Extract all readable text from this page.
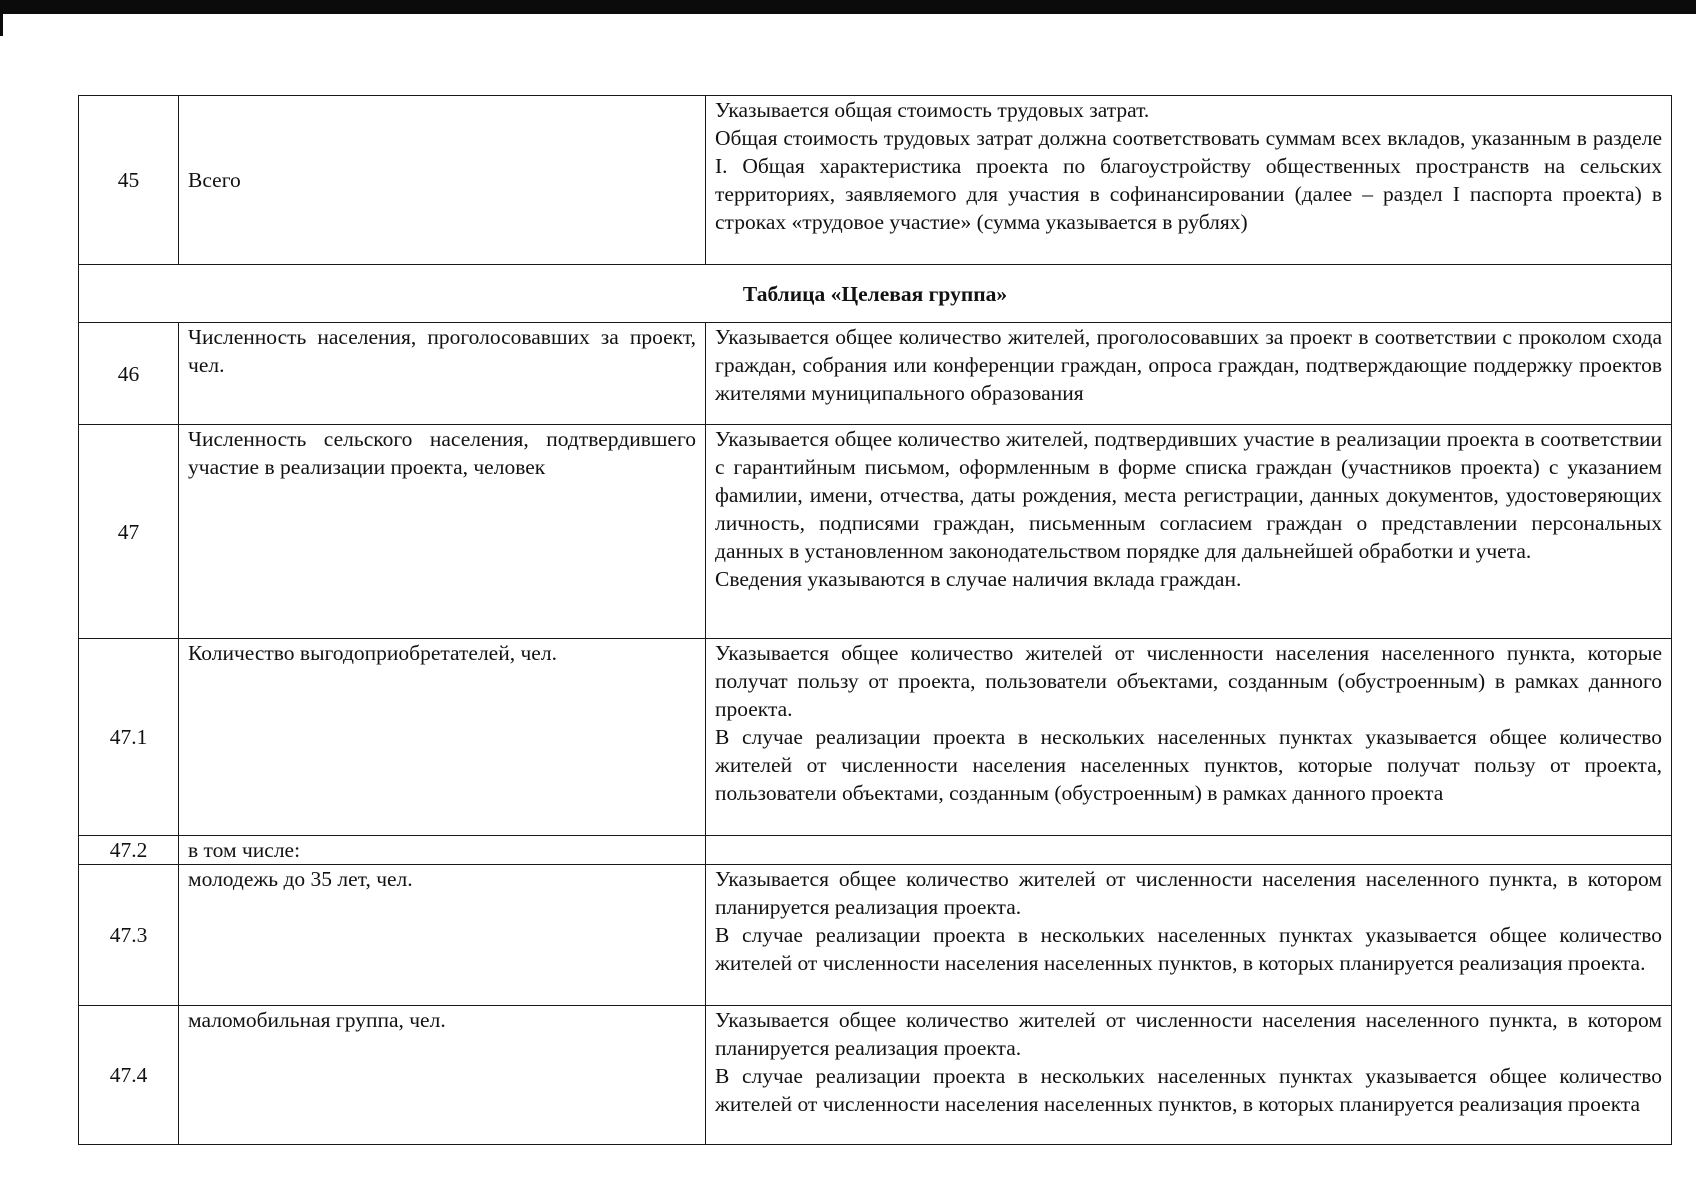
45	Всего	Указывается общая стоимость трудовых затрат.
Общая стоимость трудовых затрат должна соответствовать суммам всех вкладов, указанным в разделе I. Общая характеристика проекта по благоустройству общественных пространств на сельских территориях, заявляемого для участия в софинансировании (далее – раздел I паспорта проекта) в строках «трудовое участие» (сумма указывается в рублях)

Таблица «Целевая группа»		
46	Численность населения, проголосовавших за проект, чел.	Указывается общее количество жителей, проголосовавших за проект в соответствии с проколом схода граждан, собрания или конференции граждан, опроса граждан, подтверждающие поддержку проектов жителями муниципального образования

47	Численность сельского населения, подтвердившего участие в реализации проекта, человек	Указывается общее количество жителей, подтвердивших участие в реализации проекта в соответствии с гарантийным письмом, оформленным в форме списка граждан (участников проекта) с указанием фамилии, имени, отчества, даты рождения, места регистрации, данных документов, удостоверяющих личность, подписями граждан, письменным согласием граждан о представлении персональных данных в установленном законодательством порядке для дальнейшей обработки и учета.
Сведения указываются в случае наличия вклада граждан.

47.1	Количество выгодоприобретателей, чел.	Указывается общее количество жителей от численности населения населенного пункта, которые получат пользу от проекта, пользователи объектами, созданным (обустроенным) в рамках данного проекта.
В случае реализации проекта в нескольких населенных пунктах указывается общее количество жителей от численности населения населенных пунктов, которые получат пользу от проекта, пользователи объектами, созданным (обустроенным) в рамках данного проекта

47.2	в том числе:	
47.3	молодежь до 35 лет, чел.	Указывается общее количество жителей от численности населения населенного пункта, в котором планируется реализация проекта.
В случае реализации проекта в нескольких населенных пунктах указывается общее количество жителей от численности населения населенных пунктов, в которых планируется реализация проекта.

47.4	маломобильная группа, чел.	Указывается общее количество жителей от численности населения населенного пункта, в котором планируется реализация проекта.
В случае реализации проекта в нескольких населенных пунктах указывается общее количество жителей от численности населения населенных пунктов, в которых планируется реализация проекта
